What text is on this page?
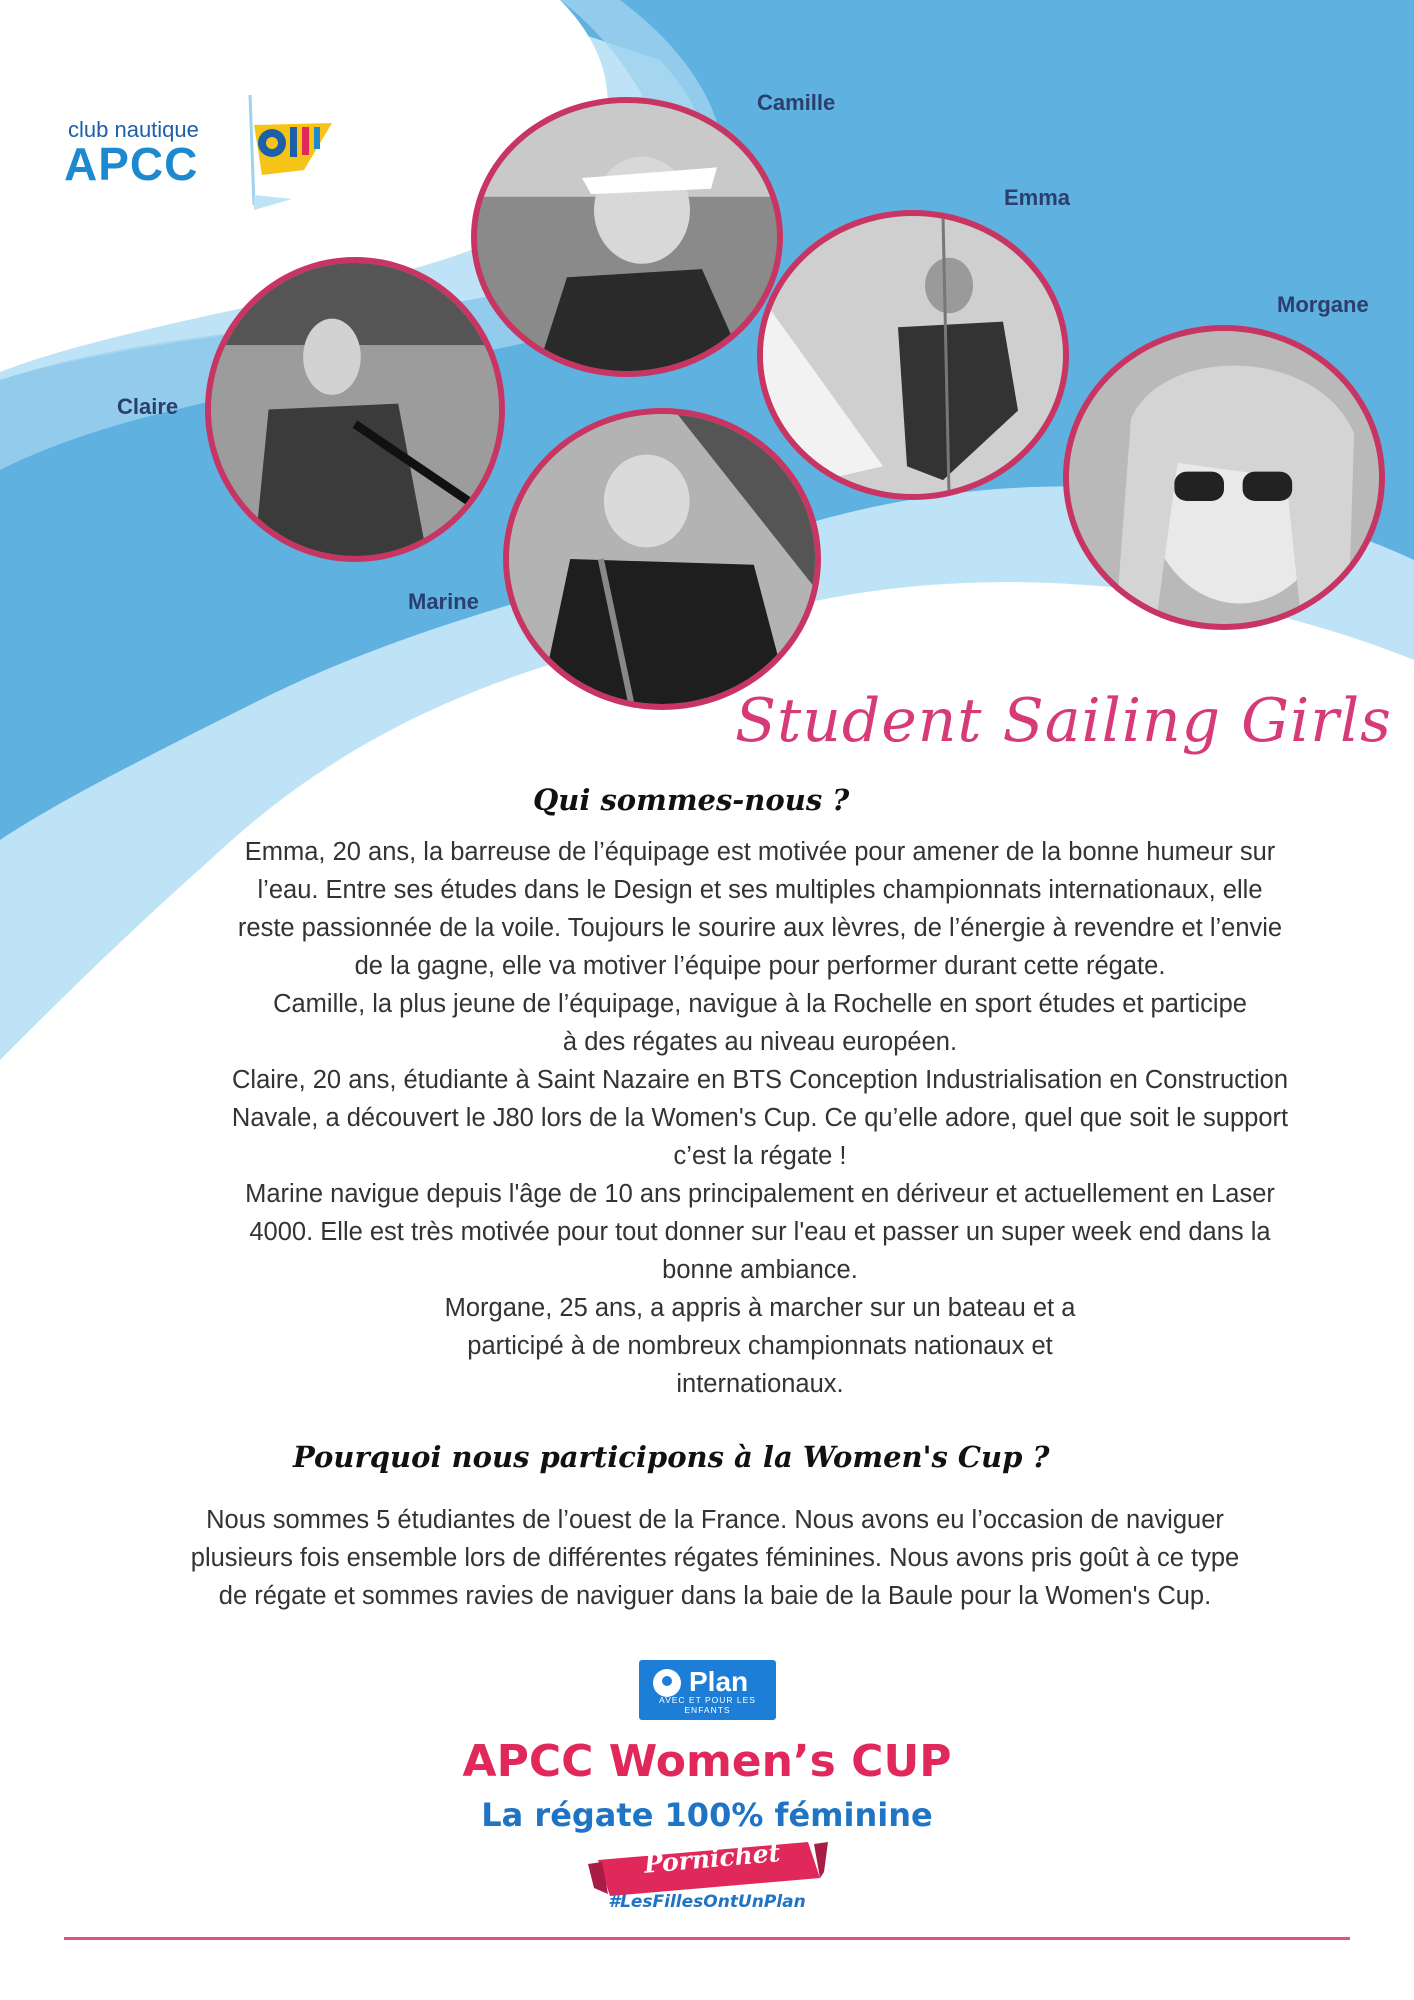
club nautique
APCC
Camille
Emma
Morgane
Claire
Marine
Student Sailing Girls
Qui sommes-nous ?

Emma, 20 ans, la barreuse de l’équipage est motivée pour amener de la bonne humeur sur l’eau. Entre ses études dans le Design et ses multiples championnats internationaux, elle reste passionnée de la voile. Toujours le sourire aux lèvres, de l’énergie à revendre et l’envie de la gagne, elle va motiver l’équipe pour performer durant cette régate.

Camille, la plus jeune de l’équipage, navigue à la Rochelle en sport études et participe à des régates au niveau européen.

Claire, 20 ans, étudiante à Saint Nazaire en BTS Conception Industrialisation en Construction Navale, a découvert le J80 lors de la Women's Cup. Ce qu’elle adore, quel que soit le support c’est la régate !

Marine navigue depuis l'âge de 10 ans principalement en dériveur et actuellement en Laser 4000. Elle est très motivée pour tout donner sur l'eau et passer un super week end dans la bonne ambiance.

Morgane, 25 ans, a appris à marcher sur un bateau et a participé à de nombreux championnats nationaux et internationaux.

Pourquoi nous participons à la Women's Cup ?

Nous sommes 5 étudiantes de l’ouest de la France. Nous avons eu l’occasion de naviguer plusieurs fois ensemble lors de différentes régates féminines. Nous avons pris goût à ce type de régate et sommes ravies de naviguer dans la baie de la Baule pour la Women's Cup.

Plan
AVEC ET POUR LES ENFANTS
APCC Women’s CUP
La régate 100% féminine
Pornichet
#LesFillesOntUnPlan
